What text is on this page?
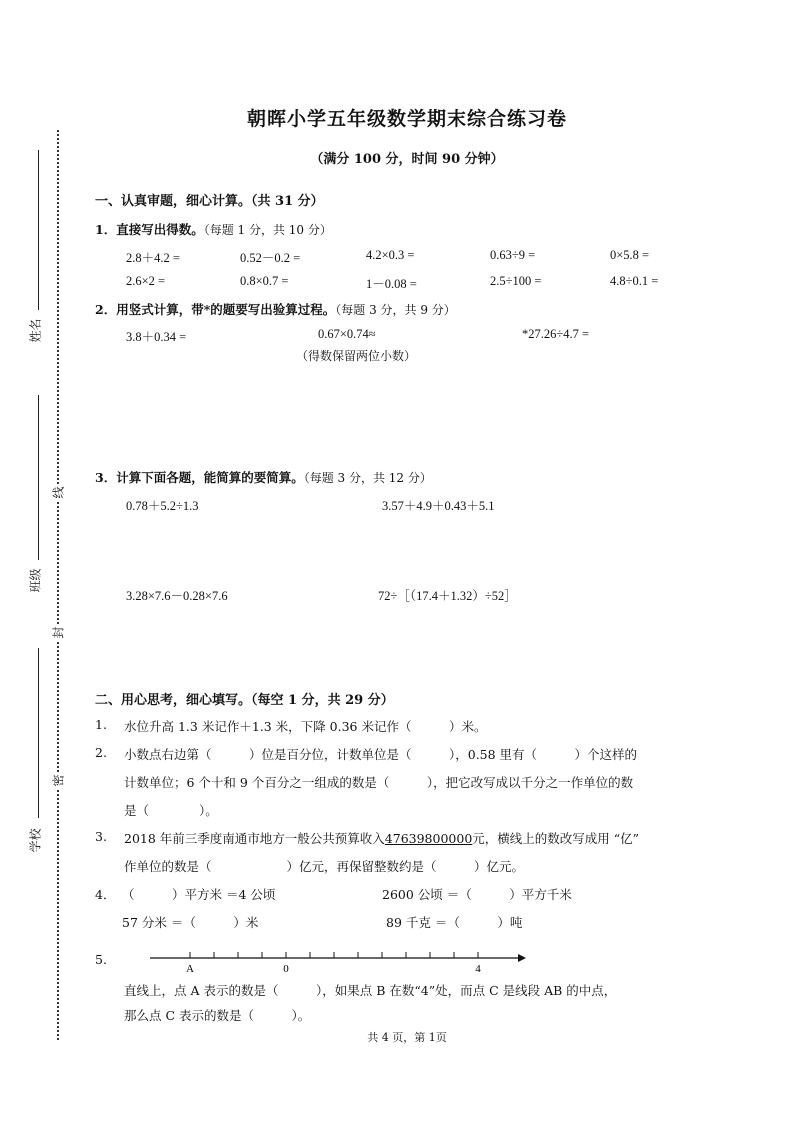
姓名
班级
学校
线
封
密
朝晖小学五年级数学期末综合练习卷
（满分 100 分，时间 90 分钟）
一、认真审题，细心计算。（共 31 分）
1．直接写出得数。（每题 1 分，共 10 分）
2.8＋4.2 =	0.52－0.2 =	4.2×0.3 =	0.63÷9 =	0×5.8 =
2.6×2 =	0.8×0.7 =	1－0.08 =	2.5÷100 =	4.8÷0.1 =
2．用竖式计算，带*的题要写出验算过程。（每题 3 分，共 9 分）
3.8＋0.34 =	0.67×0.74≈	*27.26÷4.7 =
（得数保留两位小数）
3．计算下面各题，能简算的要简算。（每题 3 分，共 12 分）
0.78＋5.2÷1.3	3.57＋4.9＋0.43＋5.1
3.28×7.6－0.28×7.6	72÷［（17.4＋1.32）÷52］
二、用心思考，细心填写。（每空 1 分，共 29 分）
1. 水位升高 1.3 米记作＋1.3 米，下降 0.36 米记作（　　　）米。
2. 小数点右边第（　　　）位是百分位，计数单位是（　　　），0.58 里有（　　　）个这样的
计数单位；6 个十和 9 个百分之一组成的数是（　　　），把它改写成以千分之一作单位的数
是（　　　　）。
3. 2018 年前三季度南通市地方一般公共预算收入47639800000元，横线上的数改写成用 “亿”
作单位的数是（　　　　　　）亿元，再保留整数约是（　　　）亿元。
4． （　　　）平方米 ＝4 公顷	2600 公顷 ＝（　　　）平方千米
57 分米 ＝（　　　）米	89 千克 ＝（　　　）吨
5.
A	0	4
直线上，点 A 表示的数是（　　　），如果点 B 在数“4”处，而点 C 是线段 AB 的中点，
那么点 C 表示的数是（　　　）。
共 4 页，第 1页
